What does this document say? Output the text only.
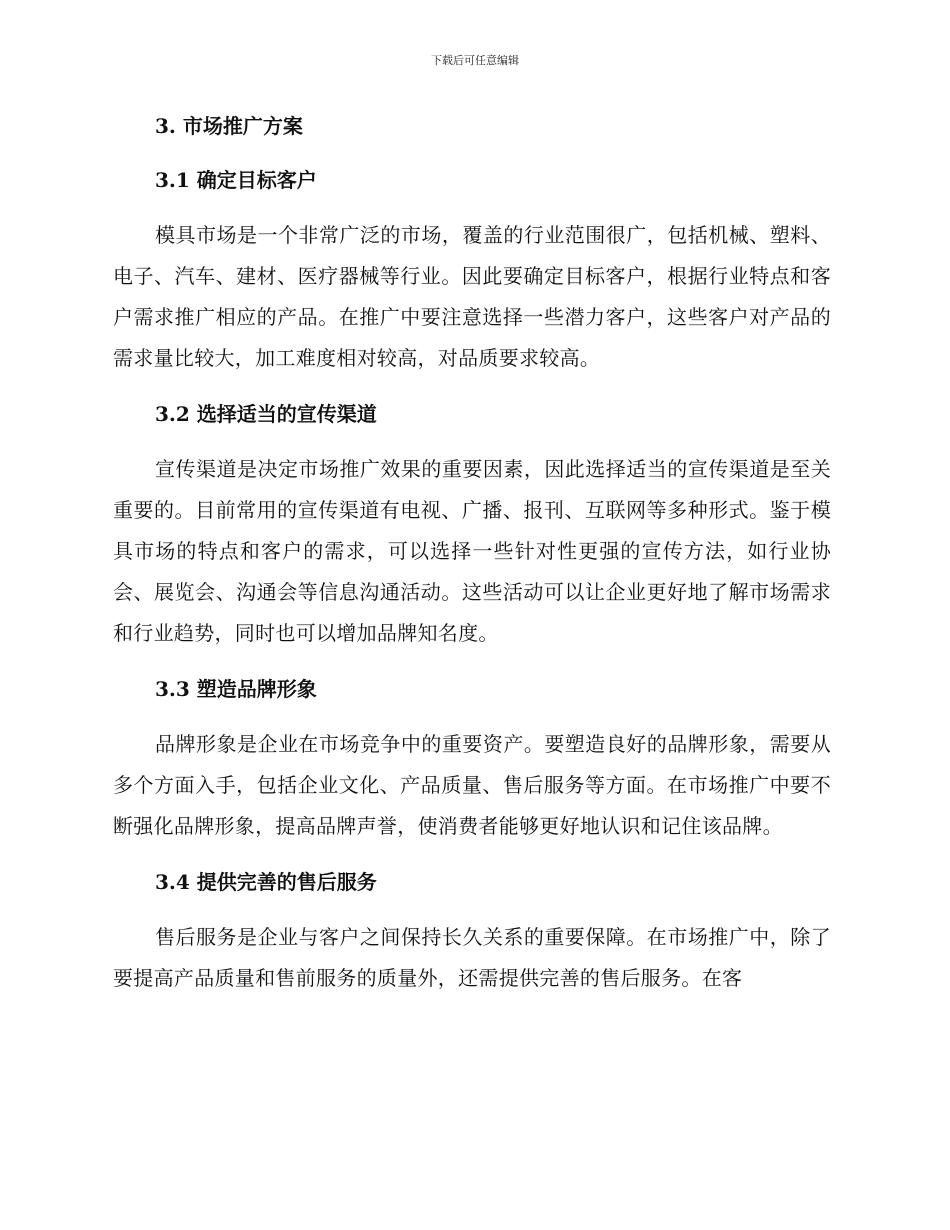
下载后可任意编辑
3. 市场推广方案
3.1 确定目标客户

模具市场是一个非常广泛的市场，覆盖的行业范围很广，包括机械、塑料、电子、汽车、建材、医疗器械等行业。因此要确定目标客户，根据行业特点和客户需求推广相应的产品。在推广中要注意选择一些潜力客户，这些客户对产品的需求量比较大，加工难度相对较高，对品质要求较高。

3.2 选择适当的宣传渠道

宣传渠道是决定市场推广效果的重要因素，因此选择适当的宣传渠道是至关重要的。目前常用的宣传渠道有电视、广播、报刊、互联网等多种形式。鉴于模具市场的特点和客户的需求，可以选择一些针对性更强的宣传方法，如行业协会、展览会、沟通会等信息沟通活动。这些活动可以让企业更好地了解市场需求和行业趋势，同时也可以增加品牌知名度。

3.3 塑造品牌形象

品牌形象是企业在市场竞争中的重要资产。要塑造良好的品牌形象，需要从多个方面入手，包括企业文化、产品质量、售后服务等方面。在市场推广中要不断强化品牌形象，提高品牌声誉，使消费者能够更好地认识和记住该品牌。

3.4 提供完善的售后服务

售后服务是企业与客户之间保持长久关系的重要保障。在市场推广中，除了要提高产品质量和售前服务的质量外，还需提供完善的售后服务。在客
